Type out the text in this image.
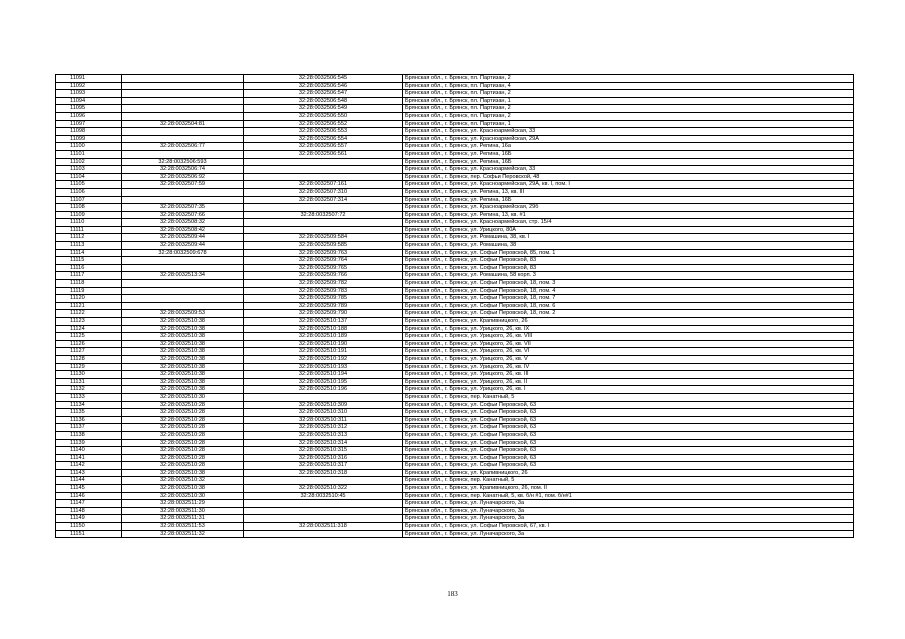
11091		32:28:0032506:545	Брянская обл., г. Брянск, пл. Партизан, 2
11092		32:28:0032506:546	Брянская обл., г. Брянск, пл. Партизан, 4
11093		32:28:0032506:547	Брянская обл., г. Брянск, пл. Партизан, 2
11094		32:28:0032506:548	Брянская обл., г. Брянск, пл. Партизан, 1
11095		32:28:0032506:549	Брянская обл., г. Брянск, пл. Партизан, 2
11096		32:28:0032506:550	Брянская обл., г. Брянск, пл. Партизан, 2
11097	32:28:0032504:81	32:28:0032506:552	Брянская обл., г. Брянск, пл. Партизан, 1
11098		32:28:0032506:553	Брянская обл., г. Брянск, ул. Красноармейская, 33
11099		32:28:0032506:554	Брянская обл., г. Брянск, ул. Красноармейская, 29А
11100	32:28:0032506:77	32:28:0032506:557	Брянская обл., г. Брянск, ул. Репина, 16а
11101		32:28:0032506:561	Брянская обл., г. Брянск, ул. Репина, 16Б
11102	32:28:0032506:593		Брянская обл., г. Брянск, ул. Репина, 16Б
11103	32:28:0032506:74		Брянская обл., г. Брянск, ул. Красноармейская, 33
11104	32:28:0032506:92		Брянская обл., г. Брянск, пер. Софьи Перовской, 48
11105	32:28:0032507:59	32:28:0032507:161	Брянская обл., г. Брянск, ул. Красноармейская, 29А, кв. I, пом. I
11106		32:28:0032507:310	Брянская обл., г. Брянск, ул. Репина, 13, кв. III
11107		32:28:0032507:314	Брянская обл., г. Брянск, ул. Репина, 16Б
11108	32:28:0032507:35		Брянская обл., г. Брянск, ул. Красноармейская, 29б
11109	32:28:0032507:66	32:28:0032507:72	Брянская обл., г. Брянск, ул. Репина, 13, кв. #1
11110	32:28:0032508:32		Брянская обл., г. Брянск, ул. Красноармейская, стр. 15/4
11111	32:28:0032508:42		Брянская обл., г. Брянск, ул. Урицкого, 80А
11112	32:28:0032509:44	32:28:0032509:584	Брянская обл., г. Брянск, ул. Ромашина, 38, кв. I
11113	32:28:0032509:44	32:28:0032509:585	Брянская обл., г. Брянск, ул. Ромашина, 38
11114	32:28:0032509:678	32:28:0032509:763	Брянская обл., г. Брянск, ул. Софьи Перовской, 85, пом. 1
11115		32:28:0032509:764	Брянская обл., г. Брянск, ул. Софьи Перовской, 83
11116		32:28:0032509:765	Брянская обл., г. Брянск, ул. Софьи Перовской, 83
11117	32:28:0032513:34	32:28:0032509:766	Брянская обл., г. Брянск, ул. Ромашина, 58 корп. 3
11118		32:28:0032509:782	Брянская обл., г. Брянск, ул. Софьи Перовской, 18, пом. 3
11119		32:28:0032509:783	Брянская обл., г. Брянск, ул. Софьи Перовской, 18, пом. 4
11120		32:28:0032509:785	Брянская обл., г. Брянск, ул. Софьи Перовской, 18, пом. 7
11121		32:28:0032509:789	Брянская обл., г. Брянск, ул. Софьи Перовской, 18, пом. 6
11122	32:28:0032509:53	32:28:0032509:790	Брянская обл., г. Брянск, ул. Софьи Перовской, 18, пом. 2
11123	32:28:0032510:38	32:28:0032510:137	Брянская обл., г. Брянск, ул. Крапивницкого, 26
11124	32:28:0032510:38	32:28:0032510:188	Брянская обл., г. Брянск, ул. Урицкого, 26, кв. IX
11125	32:28:0032510:38	32:28:0032510:189	Брянская обл., г. Брянск, ул. Урицкого, 26, кв. VIII
11126	32:28:0032510:38	32:28:0032510:190	Брянская обл., г. Брянск, ул. Урицкого, 26, кв. VII
11127	32:28:0032510:38	32:28:0032510:191	Брянская обл., г. Брянск, ул. Урицкого, 26, кв. VI
11128	32:28:0032510:38	32:28:0032510:192	Брянская обл., г. Брянск, ул. Урицкого, 26, кв. V
11129	32:28:0032510:38	32:28:0032510:193	Брянская обл., г. Брянск, ул. Урицкого, 26, кв. IV
11130	32:28:0032510:38	32:28:0032510:194	Брянская обл., г. Брянск, ул. Урицкого, 26, кв. III
11131	32:28:0032510:38	32:28:0032510:195	Брянская обл., г. Брянск, ул. Урицкого, 26, кв. II
11132	32:28:0032510:38	32:28:0032510:196	Брянская обл., г. Брянск, ул. Урицкого, 26, кв. I
11133	32:28:0032510:30		Брянская обл., г. Брянск, пер. Канатный, 5
11134	32:28:0032510:28	32:28:0032510:309	Брянская обл., г. Брянск, ул. Софьи Перовской, 63
11135	32:28:0032510:28	32:28:0032510:310	Брянская обл., г. Брянск, ул. Софьи Перовской, 63
11136	32:28:0032510:28	32:28:0032510:311	Брянская обл., г. Брянск, ул. Софьи Перовской, 63
11137	32:28:0032510:28	32:28:0032510:312	Брянская обл., г. Брянск, ул. Софьи Перовской, 63
11138	32:28:0032510:28	32:28:0032510:313	Брянская обл., г. Брянск, ул. Софьи Перовской, 63
11139	32:28:0032510:28	32:28:0032510:314	Брянская обл., г. Брянск, ул. Софьи Перовской, 63
11140	32:28:0032510:28	32:28:0032510:315	Брянская обл., г. Брянск, ул. Софьи Перовской, 63
11141	32:28:0032510:28	32:28:0032510:316	Брянская обл., г. Брянск, ул. Софьи Перовской, 63
11142	32:28:0032510:28	32:28:0032510:317	Брянская обл., г. Брянск, ул. Софьи Перовской, 63
11143	32:28:0032510:38	32:28:0032510:318	Брянская обл., г. Брянск, ул. Крапивницкого, 26
11144	32:28:0032510:32		Брянская обл., г. Брянск, пер. Канатный, 5
11145	32:28:0032510:38	32:28:0032510:322	Брянская обл., г. Брянск, ул. Крапивницкого, 26, пом. II
11146	32:28:0032510:30	32:28:0032510:45	Брянская обл., г. Брянск, пер. Канатный, 5, кв. б/н #1, пом. б/н#1
11147	32:28:0032511:29		Брянская обл., г. Брянск, ул. Луначарского, 3а
11148	32:28:0032511:30		Брянская обл., г. Брянск, ул. Луначарского, 3а
11149	32:28:0032511:31		Брянская обл., г. Брянск, ул. Луначарского, 3а
11150	32:28:0032511:53	32:28:0032511:318	Брянская обл., г. Брянск, ул. Софьи Перовской, 67, кв. I
11151	32:28:0032511:32		Брянская обл., г. Брянск, ул. Луначарского, 3а
183
